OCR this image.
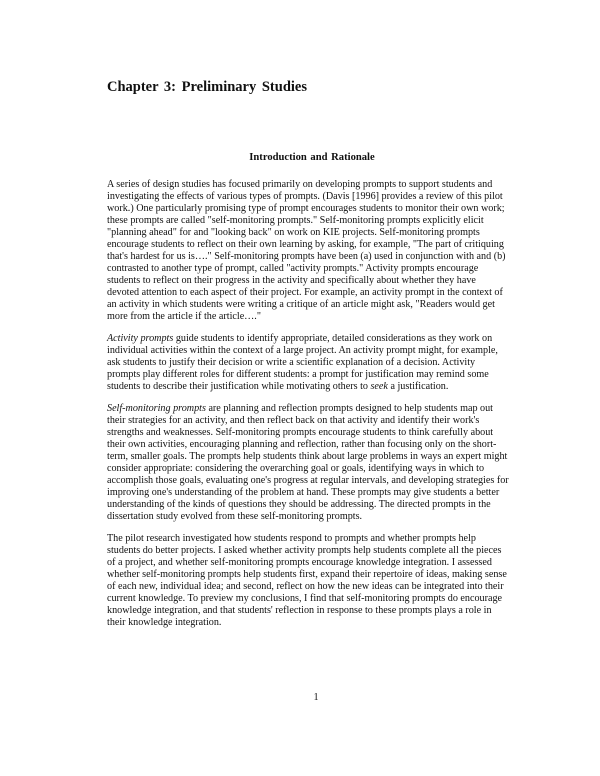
Chapter 3: Preliminary Studies
Introduction and Rationale

A series of design studies has focused primarily on developing prompts to support students and investigating the effects of various types of prompts. (Davis [1996] provides a review of this pilot work.) One particularly promising type of prompt encourages students to monitor their own work; these prompts are called "self-monitoring prompts." Self-monitoring prompts explicitly elicit "planning ahead" for and "looking back" on work on KIE projects. Self-monitoring prompts encourage students to reflect on their own learning by asking, for example, "The part of critiquing that's hardest for us is…." Self-monitoring prompts have been (a) used in conjunction with and (b) contrasted to another type of prompt, called "activity prompts." Activity prompts encourage students to reflect on their progress in the activity and specifically about whether they have devoted attention to each aspect of their project. For example, an activity prompt in the context of an activity in which students were writing a critique of an article might ask, "Readers would get more from the article if the article…."

Activity prompts guide students to identify appropriate, detailed considerations as they work on individual activities within the context of a large project. An activity prompt might, for example, ask students to justify their decision or write a scientific explanation of a decision. Activity prompts play different roles for different students: a prompt for justification may remind some students to describe their justification while motivating others to seek a justification.

Self-monitoring prompts are planning and reflection prompts designed to help students map out their strategies for an activity, and then reflect back on that activity and identify their work's strengths and weaknesses. Self-monitoring prompts encourage students to think carefully about their own activities, encouraging planning and reflection, rather than focusing only on the short-term, smaller goals. The prompts help students think about large problems in ways an expert might consider appropriate: considering the overarching goal or goals, identifying ways in which to accomplish those goals, evaluating one's progress at regular intervals, and developing strategies for improving one's understanding of the problem at hand. These prompts may give students a better understanding of the kinds of questions they should be addressing. The directed prompts in the dissertation study evolved from these self-monitoring prompts.

The pilot research investigated how students respond to prompts and whether prompts help students do better projects. I asked whether activity prompts help students complete all the pieces of a project, and whether self-monitoring prompts encourage knowledge integration. I assessed whether self-monitoring prompts help students first, expand their repertoire of ideas, making sense of each new, individual idea; and second, reflect on how the new ideas can be integrated into their current knowledge. To preview my conclusions, I find that self-monitoring prompts do encourage knowledge integration, and that students' reflection in response to these prompts plays a role in their knowledge integration.

1
